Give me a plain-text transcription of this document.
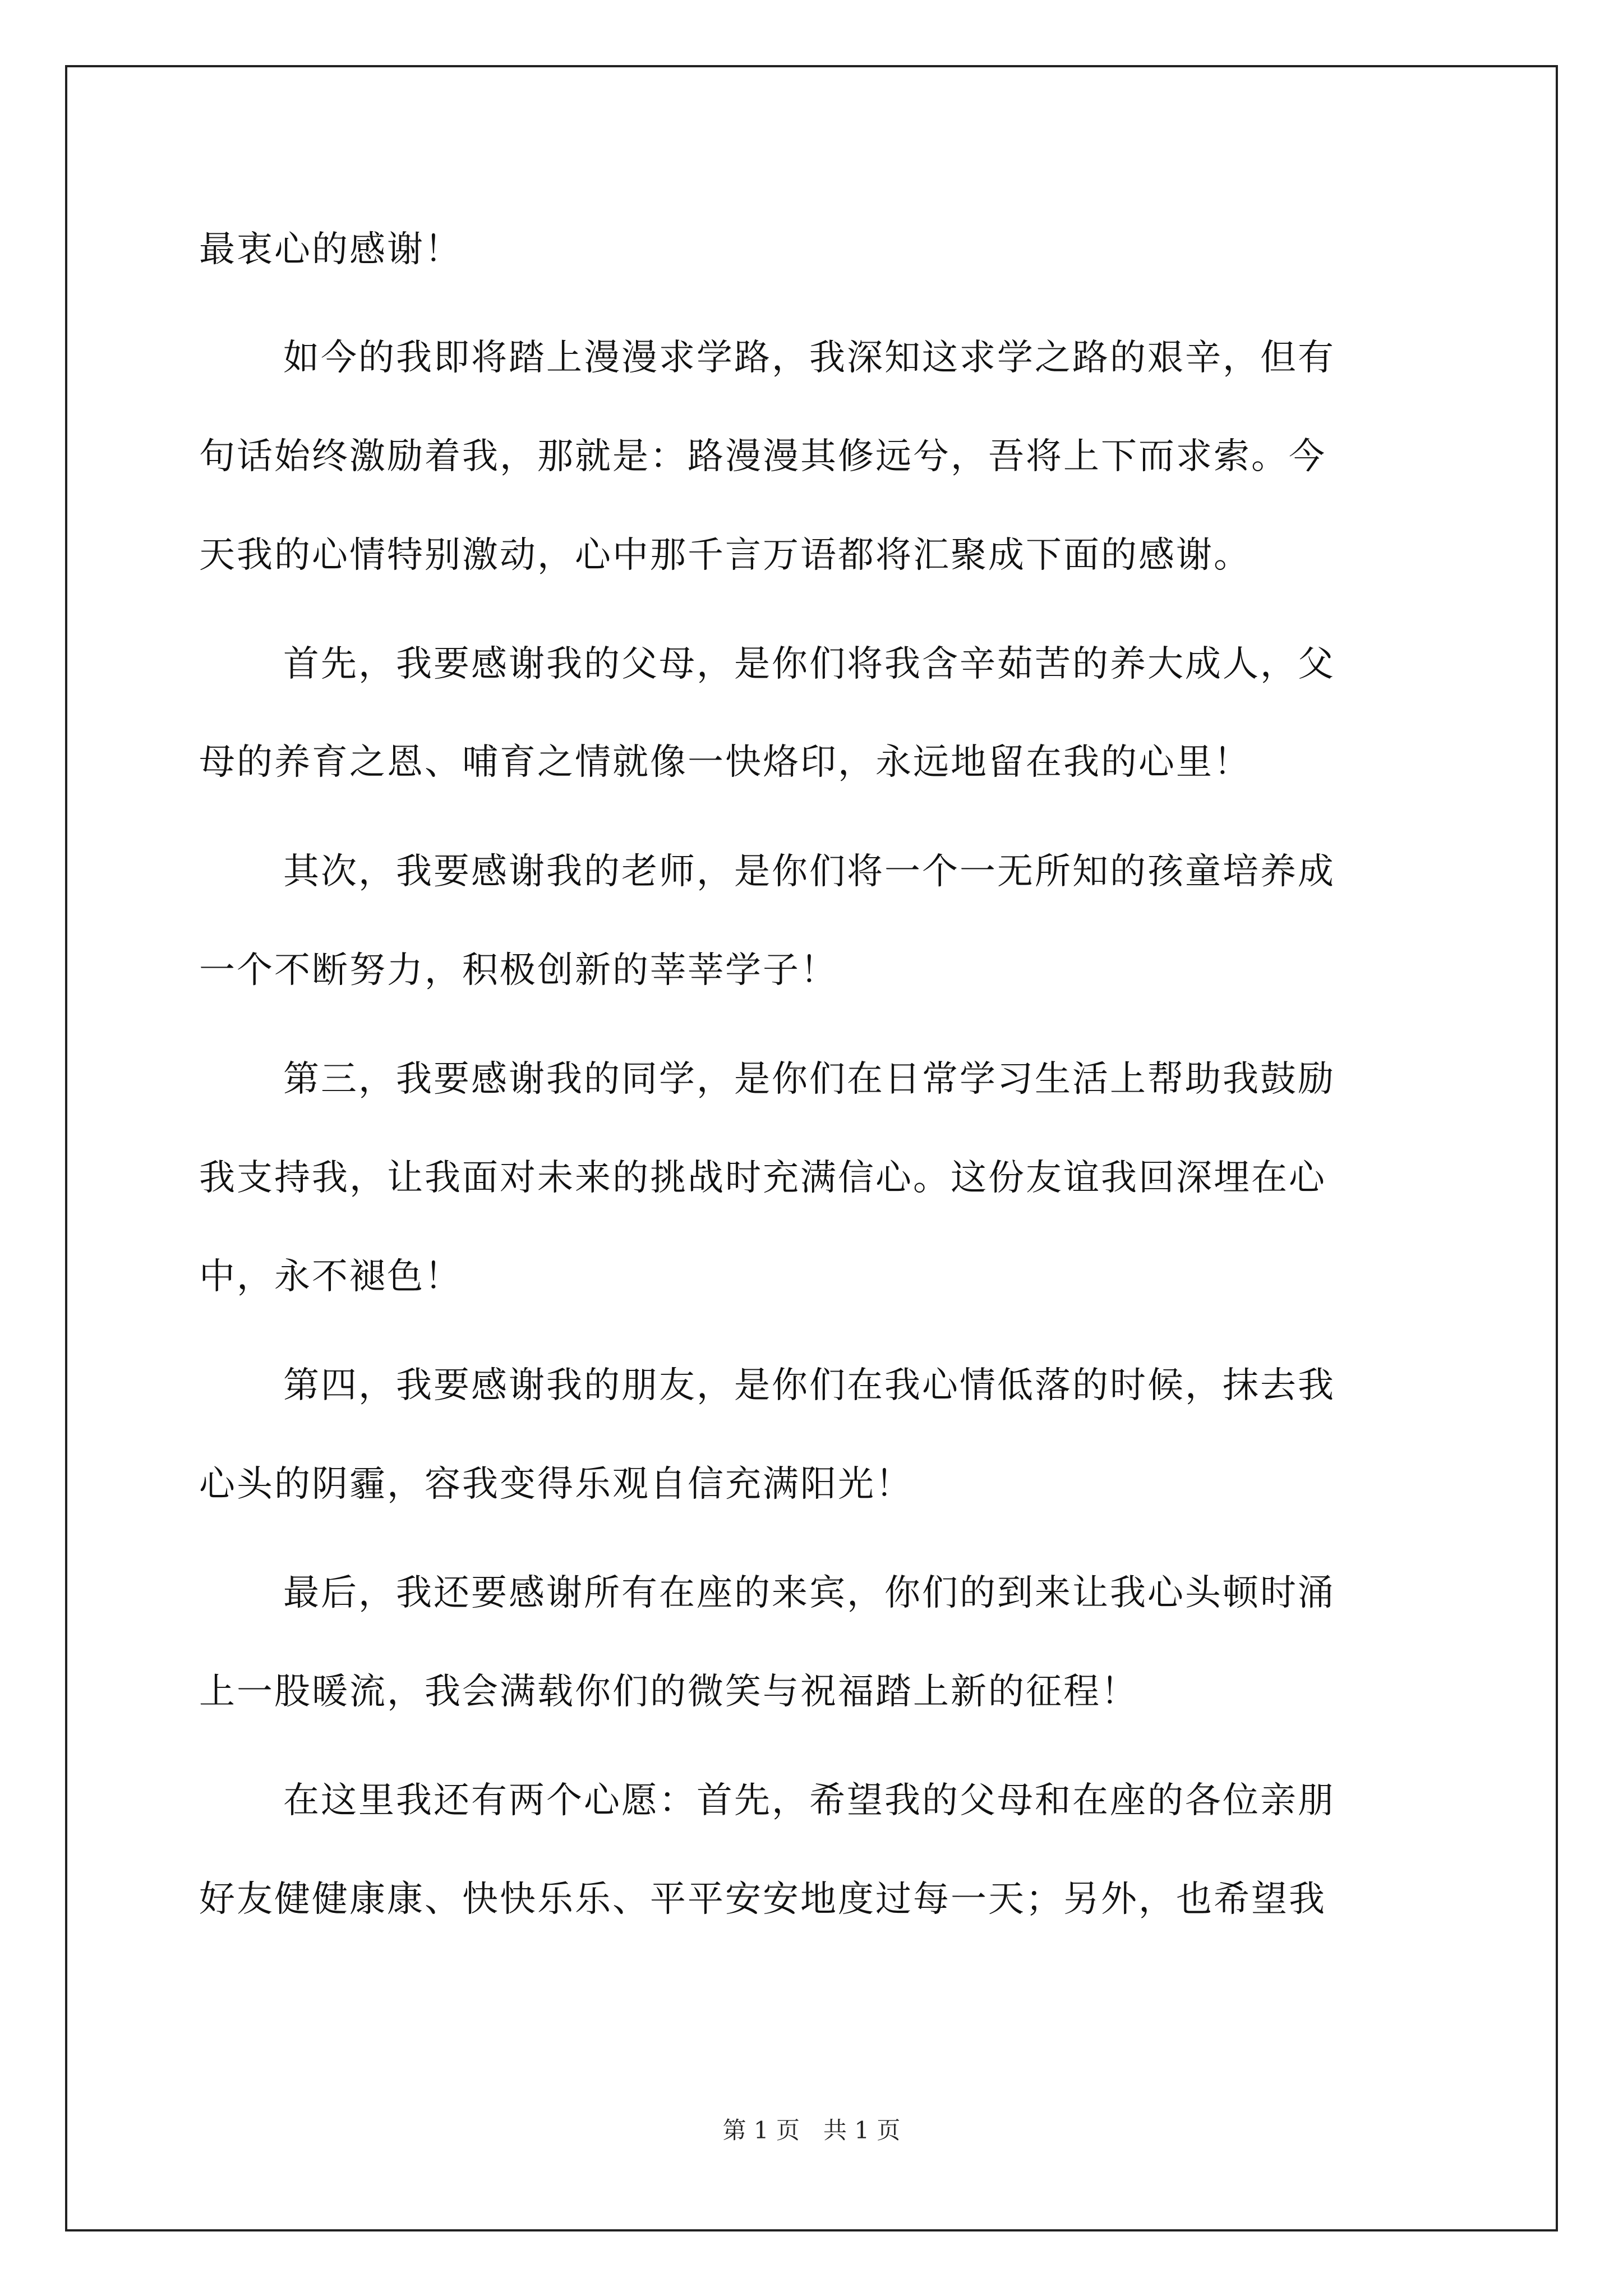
最衷心的感谢！
如今的我即将踏上漫漫求学路，我深知这求学之路的艰辛，但有
句话始终激励着我，那就是：路漫漫其修远兮，吾将上下而求索。今
天我的心情特别激动，心中那千言万语都将汇聚成下面的感谢。
首先，我要感谢我的父母，是你们将我含辛茹苦的养大成人，父
母的养育之恩、哺育之情就像一快烙印，永远地留在我的心里！
其次，我要感谢我的老师，是你们将一个一无所知的孩童培养成
一个不断努力，积极创新的莘莘学子！
第三，我要感谢我的同学，是你们在日常学习生活上帮助我鼓励
我支持我，让我面对未来的挑战时充满信心。这份友谊我回深埋在心
中，永不褪色！
第四，我要感谢我的朋友，是你们在我心情低落的时候，抹去我
心头的阴霾，容我变得乐观自信充满阳光！
最后，我还要感谢所有在座的来宾，你们的到来让我心头顿时涌
上一股暖流，我会满载你们的微笑与祝福踏上新的征程！
在这里我还有两个心愿：首先，希望我的父母和在座的各位亲朋
好友健健康康、快快乐乐、平平安安地度过每一天；另外，也希望我
第 1 页　共 1 页
